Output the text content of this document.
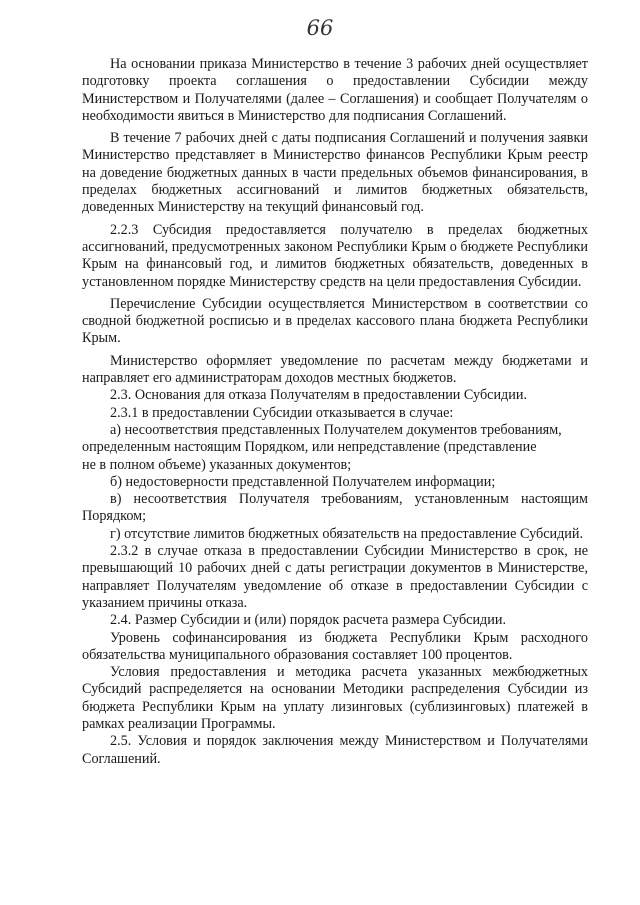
66

На основании приказа Министерство в течение 3 рабочих дней осуществляет подготовку проекта соглашения о предоставлении Субсидии между Министерством и Получателями (далее – Соглашения) и сообщает Получателям о необходимости явиться в Министерство для подписания Соглашений.

В течение 7 рабочих дней с даты подписания Соглашений и получения заявки Министерство представляет в Министерство финансов Республики Крым реестр на доведение бюджетных данных в части предельных объемов финансирования, в пределах бюджетных ассигнований и лимитов бюджетных обязательств, доведенных Министерству на текущий финансовый год.

2.2.3 Субсидия предоставляется получателю в пределах бюджетных ассигнований, предусмотренных законом Республики Крым о бюджете Республики Крым на финансовый год, и лимитов бюджетных обязательств, доведенных в установленном порядке Министерству средств на цели предоставления Субсидии.

Перечисление Субсидии осуществляется Министерством в соответствии со сводной бюджетной росписью и в пределах кассового плана бюджета Республики Крым.

Министерство оформляет уведомление по расчетам между бюджетами и направляет его администраторам доходов местных бюджетов.

2.3. Основания для отказа Получателям в предоставлении Субсидии.

2.3.1 в предоставлении Субсидии отказывается в случае:

а) несоответствия представленных Получателем документов требованиям, определенным настоящим Порядком, или непредставление (представление

не в полном объеме) указанных документов;

б) недостоверности представленной Получателем информации;

в) несоответствия Получателя требованиям, установленным настоящим Порядком;

г) отсутствие лимитов бюджетных обязательств на предоставление Субсидий.

2.3.2 в случае отказа в предоставлении Субсидии Министерство в срок, не превышающий 10 рабочих дней с даты регистрации документов в Министерстве, направляет Получателям уведомление об отказе в предоставлении Субсидии с указанием причины отказа.

2.4. Размер Субсидии и (или) порядок расчета размера Субсидии.

Уровень софинансирования из бюджета Республики Крым расходного обязательства муниципального образования составляет 100 процентов.

Условия предоставления и методика расчета указанных межбюджетных Субсидий распределяется на основании Методики распределения Субсидии из бюджета Республики Крым на уплату лизинговых (сублизинговых) платежей в рамках реализации Программы.

2.5. Условия и порядок заключения между Министерством и Получателями Соглашений.
